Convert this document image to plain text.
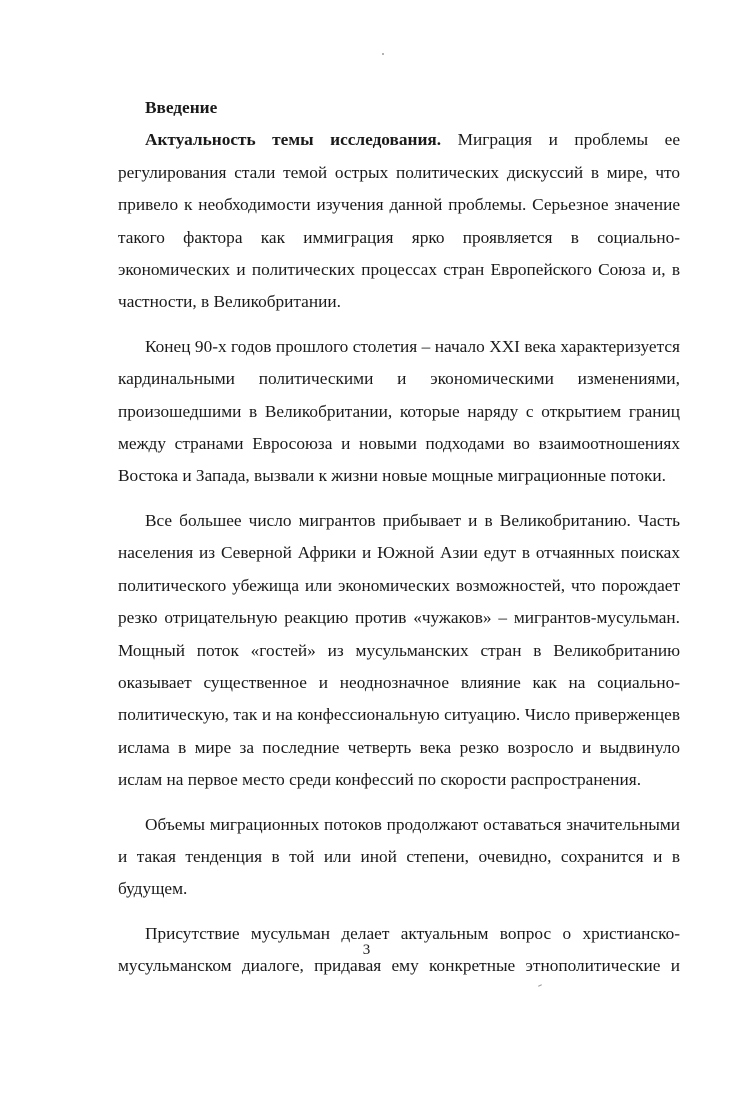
Введение

Актуальность темы исследования. Миграция и проблемы ее регулирования стали темой острых политических дискуссий в мире, что привело к необходимости изучения данной проблемы. Серьезное значение такого фактора как иммиграция ярко проявляется в социально-экономических и политических процессах стран Европейского Союза и, в частности, в Великобритании.

Конец 90-х годов прошлого столетия – начало XXI века характеризуется кардинальными политическими и экономическими изменениями, произошедшими в Великобритании, которые наряду с открытием границ между странами Евросоюза и новыми подходами во взаимоотношениях Востока и Запада, вызвали к жизни новые мощные миграционные потоки.

Все большее число мигрантов прибывает и в Великобританию. Часть населения из Северной Африки и Южной Азии едут в отчаянных поисках политического убежища или экономических возможностей, что порождает резко отрицательную реакцию против «чужаков» – мигрантов-мусульман. Мощный поток «гостей» из мусульманских стран в Великобританию оказывает существенное и неоднозначное влияние как на социально-политическую, так и на конфессиональную ситуацию. Число приверженцев ислама в мире за последние четверть века резко возросло и выдвинуло ислам на первое место среди конфессий по скорости распространения.

Объемы миграционных потоков продолжают оставаться значительными и такая тенденция в той или иной степени, очевидно, сохранится и в будущем.

Присутствие мусульман делает актуальным вопрос о христианско-мусульманском диалоге, придавая ему конкретные этнополитические и

3
